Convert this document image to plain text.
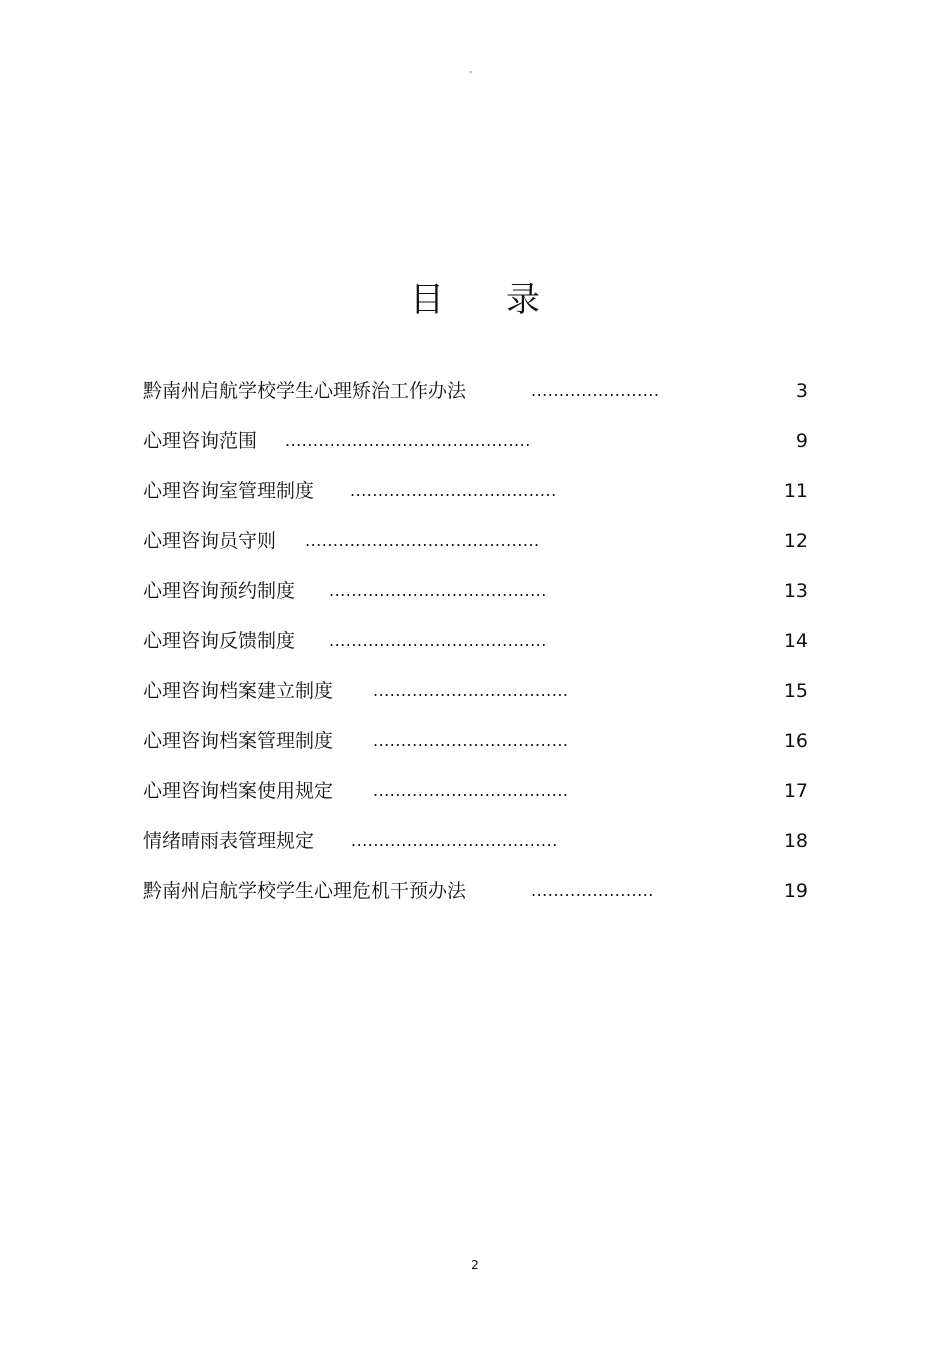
"
目 录
黔南州启航学校学生心理矫治工作办法	.......................	3
心理咨询范围 ............................................	9
心理咨询室管理制度 .....................................	11
心理咨询员守则 ..........................................	12
心理咨询预约制度 .......................................	13
心理咨询反馈制度 .......................................	14
心理咨询档案建立制度 ...................................	15
心理咨询档案管理制度 ...................................	16
心理咨询档案使用规定 ...................................	17
情绪晴雨表管理规定 .....................................	18
黔南州启航学校学生心理危机干预办法	......................	19
2
